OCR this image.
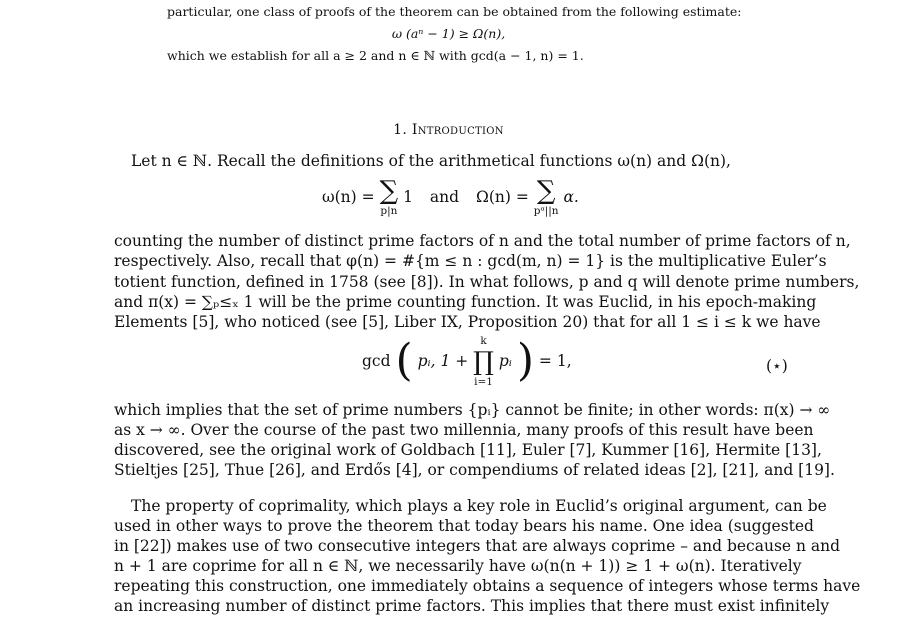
particular, one class of proofs of the theorem can be obtained from the following estimate:
ω (aⁿ − 1) ≥ Ω(n),
which we establish for all a ≥ 2 and n ∈ ℕ with gcd(a − 1, n) = 1.
1. Introduction
Let n ∈ ℕ. Recall the definitions of the arithmetical functions ω(n) and Ω(n),
ω(n) = ∑
p|n
1 and Ω(n) = ∑
pᵅ||n
α.
counting the number of distinct prime factors of n and the total number of prime factors of n,
respectively. Also, recall that φ(n) = #{m ≤ n : gcd(m, n) = 1} is the multiplicative Euler’s
totient function, defined in 1758 (see [8]). In what follows, p and q will denote prime numbers,
and π(x) = ∑ₚ≤ₓ 1 will be the prime counting function. It was Euclid, in his epoch-making
Elements [5], who noticed (see [5], Liber IX, Proposition 20) that for all 1 ≤ i ≤ k we have
gcd ( pᵢ, 1 +
k
∏
i=1
pᵢ ) = 1,	(⋆)
which implies that the set of prime numbers {pᵢ} cannot be finite; in other words: π(x) → ∞
as x → ∞. Over the course of the past two millennia, many proofs of this result have been
discovered, see the original work of Goldbach [11], Euler [7], Kummer [16], Hermite [13],
Stieltjes [25], Thue [26], and Erdős [4], or compendiums of related ideas [2], [21], and [19].
The property of coprimality, which plays a key role in Euclid’s original argument, can be
used in other ways to prove the theorem that today bears his name. One idea (suggested
in [22]) makes use of two consecutive integers that are always coprime – and because n and
n + 1 are coprime for all n ∈ ℕ, we necessarily have ω(n(n + 1)) ≥ 1 + ω(n). Iteratively
repeating this construction, one immediately obtains a sequence of integers whose terms have
an increasing number of distinct prime factors. This implies that there must exist infinitely
